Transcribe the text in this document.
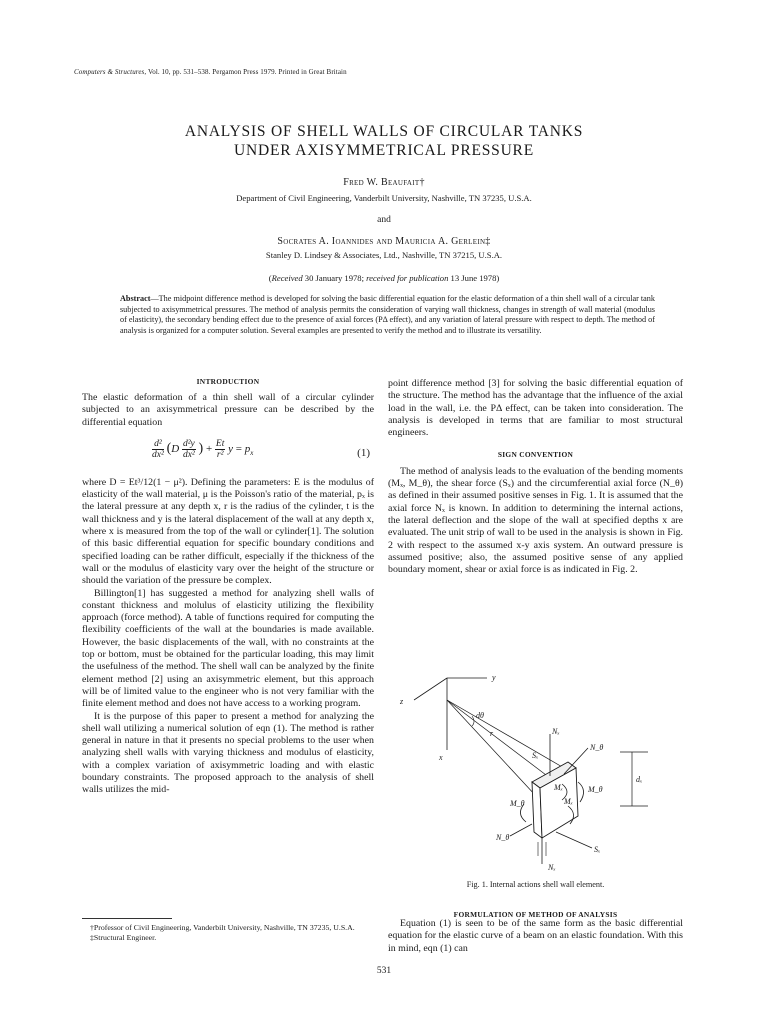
Computers & Structures, Vol. 10, pp. 531–538. Pergamon Press 1979. Printed in Great Britain
ANALYSIS OF SHELL WALLS OF CIRCULAR TANKS
UNDER AXISYMMETRICAL PRESSURE
Fred W. Beaufait†
Department of Civil Engineering, Vanderbilt University, Nashville, TN 37235, U.S.A.
and
Socrates A. Ioannides and Mauricia A. Gerlein‡
Stanley D. Lindsey & Associates, Ltd., Nashville, TN 37215, U.S.A.
(Received 30 January 1978; received for publication 13 June 1978)
Abstract—The midpoint difference method is developed for solving the basic differential equation for the elastic deformation of a thin shell wall of a circular tank subjected to axisymmetrical pressures. The method of analysis permits the consideration of varying wall thickness, changes in strength of wall material (modulus of elasticity), the secondary bending effect due to the presence of axial forces (PΔ effect), and any variation of lateral pressure with respect to depth. The method of analysis is organized for a computer solution. Several examples are presented to verify the method and to illustrate its versatility.
INTRODUCTION

The elastic deformation of a thin shell wall of a circular cylinder subjected to an axisymmetrical pressure can be described by the differential equation

$\frac{\text{d²}}{\text{dx²}} (D \frac{\text{d²y}}{\text{dx²}}$ ) + $\frac{Et}{\text{r²}}$ $y = p_x$	(1)

where D = Et³/12(1 − μ²). Defining the parameters: E is the modulus of elasticity of the wall material, μ is the Poisson's ratio of the material, pₓ is the lateral pressure at any depth x, r is the radius of the cylinder, t is the wall thickness and y is the lateral displacement of the wall at any depth x, where x is measured from the top of the wall or cylinder[1]. The solution of this basic differential equation for specific boundary conditions and specified loading can be rather difficult, especially if the thickness of the wall or the modulus of elasticity vary over the height of the structure or should the variation of the pressure be complex.

Billington[1] has suggested a method for analyzing shell walls of constant thickness and molulus of elasticity utilizing the flexibility approach (force method). A table of functions required for computing the flexibility coefficients of the wall at the boundaries is made available. However, the basic displacements of the wall, with no constraints at the top or bottom, must be obtained for the particular loading, this may limit the usefulness of the method. The shell wall can be analyzed by the finite element method [2] using an axisymmetric element, but this approach will be of limited value to the engineer who is not very familiar with the finite element method and does not have access to a working program.

It is the purpose of this paper to present a method for analyzing the shell wall utilizing a numerical solution of eqn (1). The method is rather general in nature in that it presents no special problems to the user when analyzing shell walls with varying thickness and modulus of elasticity, with a complex variation of axisymmetric loading and with elastic boundary constraints. The proposed approach to the analysis of shell walls utilizes the mid-

point difference method [3] for solving the basic differential equation of the structure. The method has the advantage that the influence of the axial load in the wall, i.e. the PΔ effect, can be taken into consideration. The analysis is developed in terms that are familiar to most structural engineers.

SIGN CONVENTION

The method of analysis leads to the evaluation of the bending moments (Mₓ, M_θ), the shear force (Sₓ) and the circumferential axial force (N_θ) as defined in their assumed positive senses in Fig. 1. It is assumed that the axial force Nₓ is known. In addition to determining the internal actions, the lateral deflection and the slope of the wall at specified depths x are evaluated. The unit strip of wall to be used in the analysis is shown in Fig. 2 with respect to the assumed x-y axis system. An outward pressure is assumed positive; also, the assumed positive sense of any applied boundary moment, shear or axial force is as indicated in Fig. 2.

y
z
x
dθ
r	Nₓ
N_θ
Sₓ
Mₓ	M_θ
M_θ	Mₓ
N_θ
Sₓ
Nₓ
dₓ
Fig. 1. Internal actions shell wall element.
FORMULATION OF METHOD OF ANALYSIS
Equation (1) is seen to be of the same form as the basic differential equation for the elastic curve of a beam on an elastic foundation. With this in mind, eqn (1) can
†Professor of Civil Engineering, Vanderbilt University, Nashville, TN 37235, U.S.A.
‡Structural Engineer.
531
